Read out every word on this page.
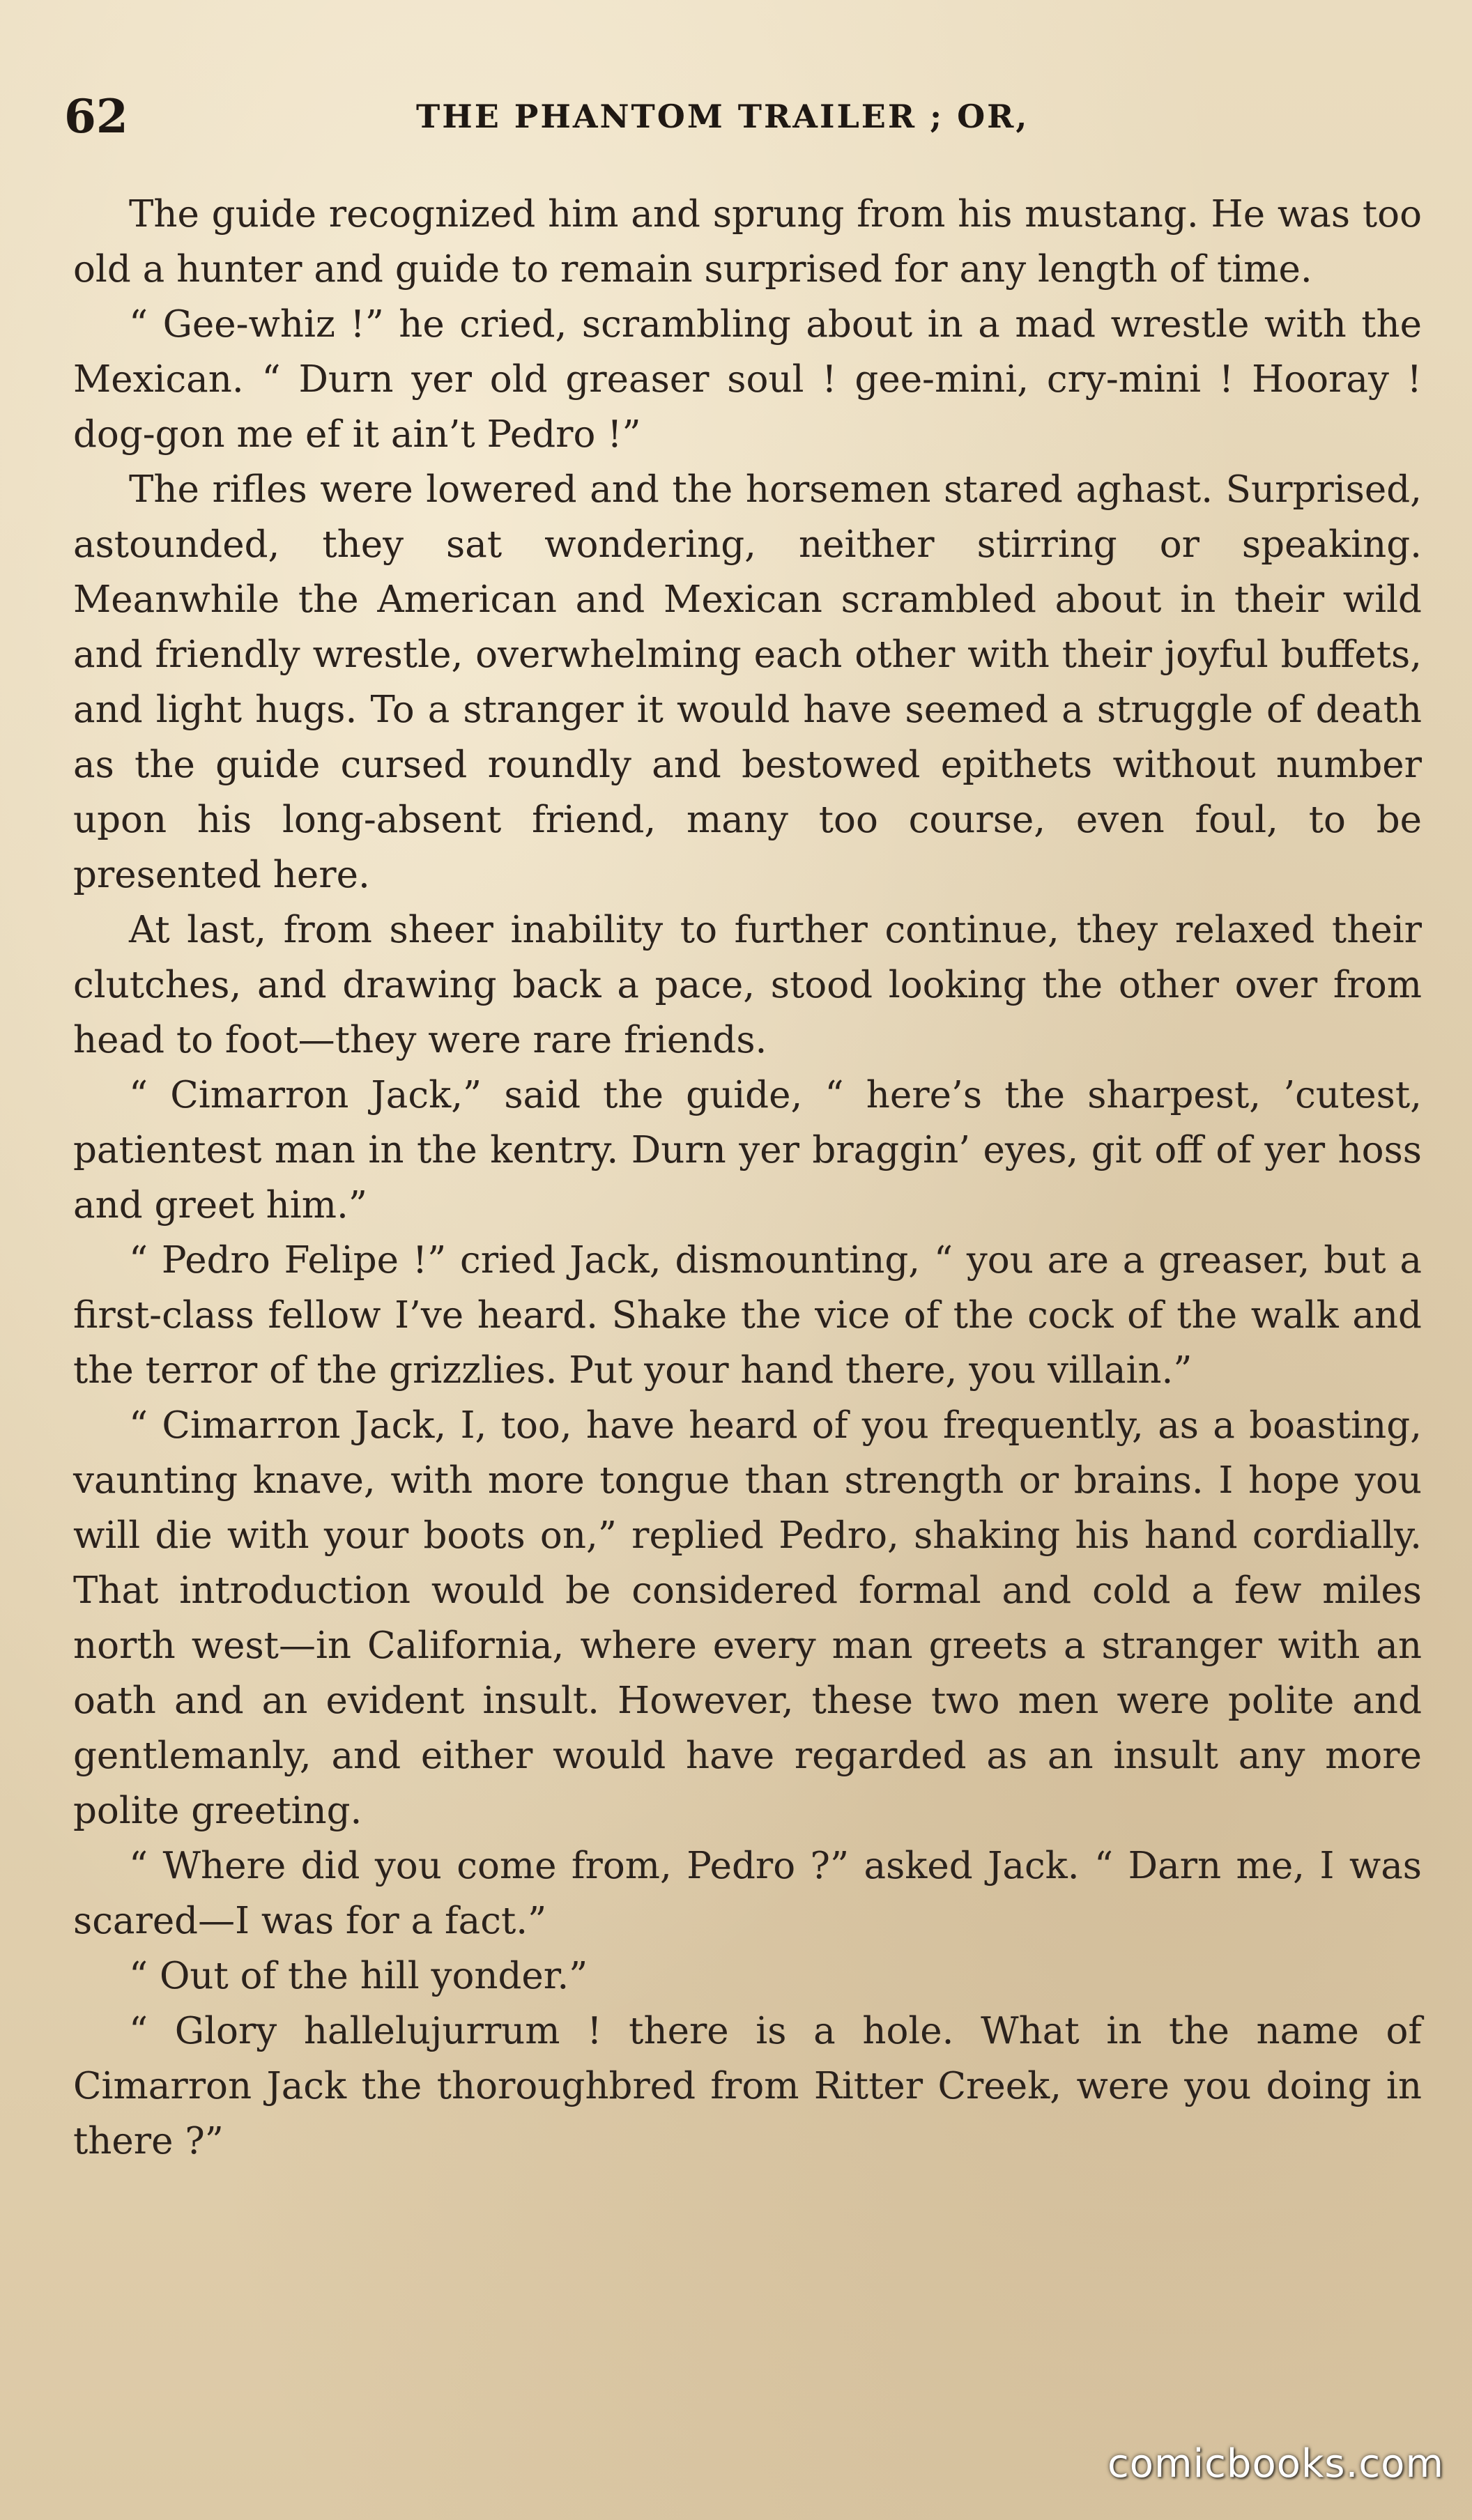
62	THE PHANTOM TRAILER ; OR,

The guide recognized him and sprung from his mustang. He was too old a hunter and guide to remain surprised for any length of time.

“ Gee-whiz !” he cried, scrambling about in a mad wrestle with the Mexican. “ Durn yer old greaser soul ! gee-mini, cry-mini ! Hooray ! dog-gon me ef it ain’t Pedro !”

The rifles were lowered and the horsemen stared aghast. Surprised, astounded, they sat wondering, neither stirring or speaking. Meanwhile the American and Mexican scrambled about in their wild and friendly wrestle, overwhelming each other with their joyful buffets, and light hugs. To a stranger it would have seemed a struggle of death as the guide cursed roundly and bestowed epithets without number upon his long-absent friend, many too course, even foul, to be presented here.

At last, from sheer inability to further continue, they relaxed their clutches, and drawing back a pace, stood looking the other over from head to foot—they were rare friends.

“ Cimarron Jack,” said the guide, “ here’s the sharpest, ’cutest, patientest man in the kentry. Durn yer braggin’ eyes, git off of yer hoss and greet him.”

“ Pedro Felipe !” cried Jack, dismounting, “ you are a greaser, but a first-class fellow I’ve heard. Shake the vice of the cock of the walk and the terror of the grizzlies. Put your hand there, you villain.”

“ Cimarron Jack, I, too, have heard of you frequently, as a boasting, vaunting knave, with more tongue than strength or brains. I hope you will die with your boots on,” replied Pedro, shaking his hand cordially. That introduction would be considered formal and cold a few miles north west—in California, where every man greets a stranger with an oath and an evident insult. However, these two men were polite and gentlemanly, and either would have regarded as an insult any more polite greeting.

“ Where did you come from, Pedro ?” asked Jack. “ Darn me, I was scared—I was for a fact.”

“ Out of the hill yonder.”

“ Glory hallelujurrum ! there is a hole. What in the name of Cimarron Jack the thoroughbred from Ritter Creek, were you doing in there ?”

comicbooks.com
